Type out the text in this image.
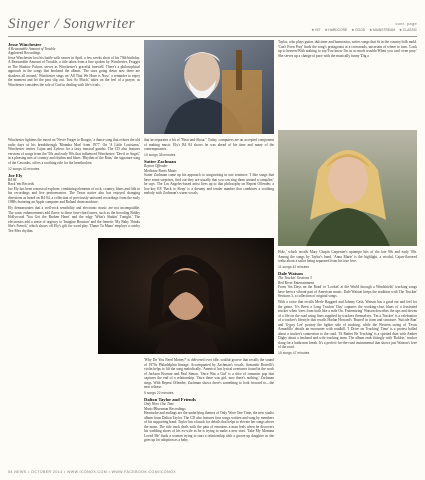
Singer / Songwriter	cont. page
★ HIT ★ HARDCORE ★ GOOD ★ MAINSTREAM ★ CLASSIC
Jesse Winchester
A Reasonable Amount of Trouble
Appleseed Recordings

Jesse Winchester lost his battle with cancer in April, a few weeks short of his 70th birthday. A Reasonable Amount of Trouble, a title taken from a line spoken by Winchester, Frogget in The Shadow Falcon, serves as Winchester's graceful farewell. There's a philosophical approach in the songs that bookend the album. 'The stars going down now there are shadows all around,' Winchester sings on 'All That We Have is Now,' a reminder to enjoy the moment and let the past slip out. 'Just So Much,' takes on the feel of a prayer, as Winchester considers the role of God in dealing with life's trials.

Winchester lightens the mood on 'Never Forget to Boogie,' a dance song that echoes the old radio days of his breakthrough 'Rhumba Man' from 1977. On 'A Little Louisiana,' Winchester invites Cajun and Zydeco for a tasty musical gumbo. The CD also features versions of songs from the '50s and early '60s that influenced Winchester: 'Devil or Angel,' in a pleasing mix of country and rhythm and blues. 'Rhythm of the Rain,' the signature song of the Cascades, offers a soothing ride for the heartbroken.

12 songs 42 minutes

Joe Ely
B4 84
Rack 'em Records

Joe Ely has been a musical explorer, combining elements of rock, country, blues and folk in his recordings and live performances. The Texas native also has enjoyed changing directions as heard on B4 84, a collection of previously unissued recordings from the early 1980s featuring an Apple computer and Roland drum machine.

Ely demonstrates that a well-rock sensibility and electronic music are not incompatible. The sonic enhancements add flavor to these four-chord tunes, such as the brooding Bobby Hollywood 'You Got the Broken Heart' and the edgy 'What's Shakin' Tonight.' The electronics add a sense of urgency to 'Imagine Houston' and the frenetic 'My Baby Thinks She's French,' which shows off Ely's gift for word play. 'Dame Tu Mano' employs a catchy Tex-Mex rhythm.

that incorporates a bit of "Beat and Shout." Today, computers are an accepted component of making music. Ely's B4 84 shows he was ahead of his time and many of the contemporaries.

10 songs 38 minutes

Sutter Zachman
Repeat Offender
Medicine Boots Music

Sutter Zachman came up his approach to songwriting in one sentence: 'I like songs that have some surprises, find out they are usually that you can sing them around a campfire,' he says. The Los Angeles-based artist lives up to that philosophy on Repeat Offender, a low-key EP. 'Back to Sleep' is a dreamy and tender number that combines a soothing melody with Zachman's warm vocals.

'Why Do You Need Money?' is delivered over idle, soulful groove that recalls the sound of 1970s Philadelphia lineage. Accompanied by Zachman's vocals, Armando Borrelli's violin helps to lift the song melodically. 'America' has lyrical overtones found in the work of Jackson Browne and Paul Simon. 'Once Was a Girl' is a slice of romantic pop that captures the end of a relationship. 'Once there was girl, now there's nothing,' Zachman sings. With Repeat Offender, Zachman shows there's something to look forward to—the next release.

5 songs 22 minutes

Dalton Taylor and Friends
Only Wore One Time
Music/Bluesman Recordings

Heartache and endings are the underlying themes of Only Wore One Time, the new studio album from Dalton Taylor. The CD also features four songs written and sung by members of his supporting band. Taylor has a knack for details that helps to elevate her songs above the norm. The title track deals with the pain of emotions a man feels when he discovers his wedding shoes of his ex-wife as he is trying to make a new start. 'Take My Momma Loved Me' finds a woman trying to start a relationship with a grown-up daughter as she goes up for adoption as a baby.

Taylor, who plays guitar, dulcimer and harmonica, writes songs that fit in the country/folk mold. 'Can't Even Pray' finds the song's protagonist at a crossroads, uncertain of where to turn. 'Look up to heaven/With nothing to say/You know I'm in so much trouble/When you can't even pray.' She serves up a change of pace with the musically funny 'Dig a

Hole,' which recalls Mary Chapin Carpenter's uptempo hits of the late 90s and early '00s. Among the songs by Taylor's band, 'Anna Marie' is the highlight, a wistful, Cajun-flavored waltz about a sailor being separated from his true love.

11 songs 42 minutes

Dale Watson
The Truckin' Sessions 3
Red River Entertainment

From 'Six Days on the Road' to 'Lookin' at the World through a Windshield,' trucking songs have been a vibrant part of American music. Dale Watson keeps the tradition with The Truckin' Sessions 3, a collection of original songs.

With a voice that recalls Merle Haggard and Johnny Cash, Watson has a good ear and feel for the genre. 'It's Been a Long Truckin' Day' captures the working-class blues of a frustrated trucker when 'trees from both like a mile On. Fraternizing' Watson describes the ups and downs of a life on the road using lines supplied by truckers themselves. 'I'm a Trucker' is a celebration of a trucker's lifestyle that recalls Harlan Howard's 'Busted' in form and structure. 'Suicide Run' and 'Gypsy Lee' portray the lighter side of trucking, while the Western swing of 'Texas Armadillo' details an encounter with roadkill. 'I Drive on Trucking' Time' is a protest ballad about a trucker's connection to the road. 'I'd Rather Be Trucking' is a spirited duet with Amber Digby about a husband and wife trucking team. The album ends fittingly with 'Bobbie,' trucker slang for a bathroom break. It's a perfect-for-the-road instrumental that shows just Watson's love of the road.

15 songs 47 minutes

54 NEWS • OCTOBER 2014 • WWW.ICONOX.COM • WWW.FACEBOOK.COM/ICONOX
